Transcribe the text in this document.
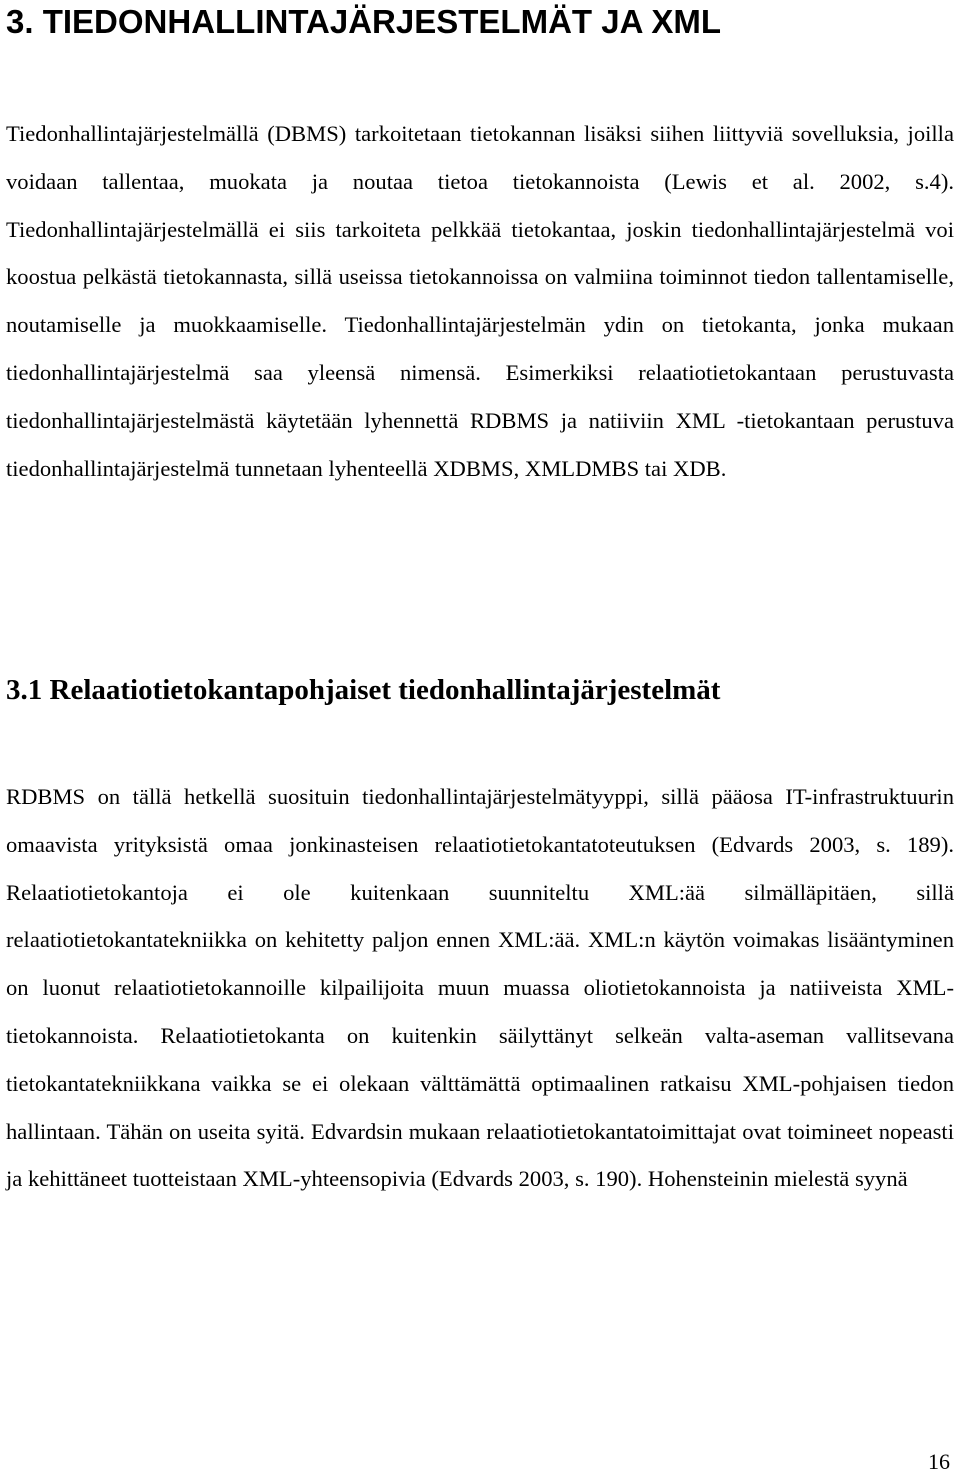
3. TIEDONHALLINTAJÄRJESTELMÄT JA XML

Tiedonhallintajärjestelmällä (DBMS) tarkoitetaan tietokannan lisäksi siihen liittyviä sovelluksia, joilla voidaan tallentaa, muokata ja noutaa tietoa tietokannoista (Lewis et al. 2002, s.4). Tiedonhallintajärjestelmällä ei siis tarkoiteta pelkkää tietokantaa, joskin tiedonhallintajärjestelmä voi koostua pelkästä tietokannasta, sillä useissa tietokannoissa on valmiina toiminnot tiedon tallentamiselle, noutamiselle ja muokkaamiselle. Tiedonhallintajärjestelmän ydin on tietokanta, jonka mukaan tiedonhallintajärjestelmä saa yleensä nimensä. Esimerkiksi relaatiotietokantaan perustuvasta tiedonhallintajärjestelmästä käytetään lyhennettä RDBMS ja natiiviin XML -tietokantaan perustuva tiedonhallintajärjestelmä tunnetaan lyhenteellä XDBMS, XMLDMBS tai XDB.

3.1 Relaatiotietokantapohjaiset tiedonhallintajärjestelmät

RDBMS on tällä hetkellä suosituin tiedonhallintajärjestelmätyyppi, sillä pääosa IT-infrastruktuurin omaavista yrityksistä omaa jonkinasteisen relaatiotietokantatoteutuksen (Edvards 2003, s. 189). Relaatiotietokantoja ei ole kuitenkaan suunniteltu XML:ää silmälläpitäen, sillä relaatiotietokantatekniikka on kehitetty paljon ennen XML:ää. XML:n käytön voimakas lisääntyminen on luonut relaatiotietokannoille kilpailijoita muun muassa oliotietokannoista ja natiiveista XML-tietokannoista. Relaatiotietokanta on kuitenkin säilyttänyt selkeän valta-aseman vallitsevana tietokantatekniikkana vaikka se ei olekaan välttämättä optimaalinen ratkaisu XML-pohjaisen tiedon hallintaan. Tähän on useita syitä. Edvardsin mukaan relaatiotietokantatoimittajat ovat toimineet nopeasti ja kehittäneet tuotteistaan XML-yhteensopivia (Edvards 2003, s. 190). Hohensteinin mielestä syynä

16
